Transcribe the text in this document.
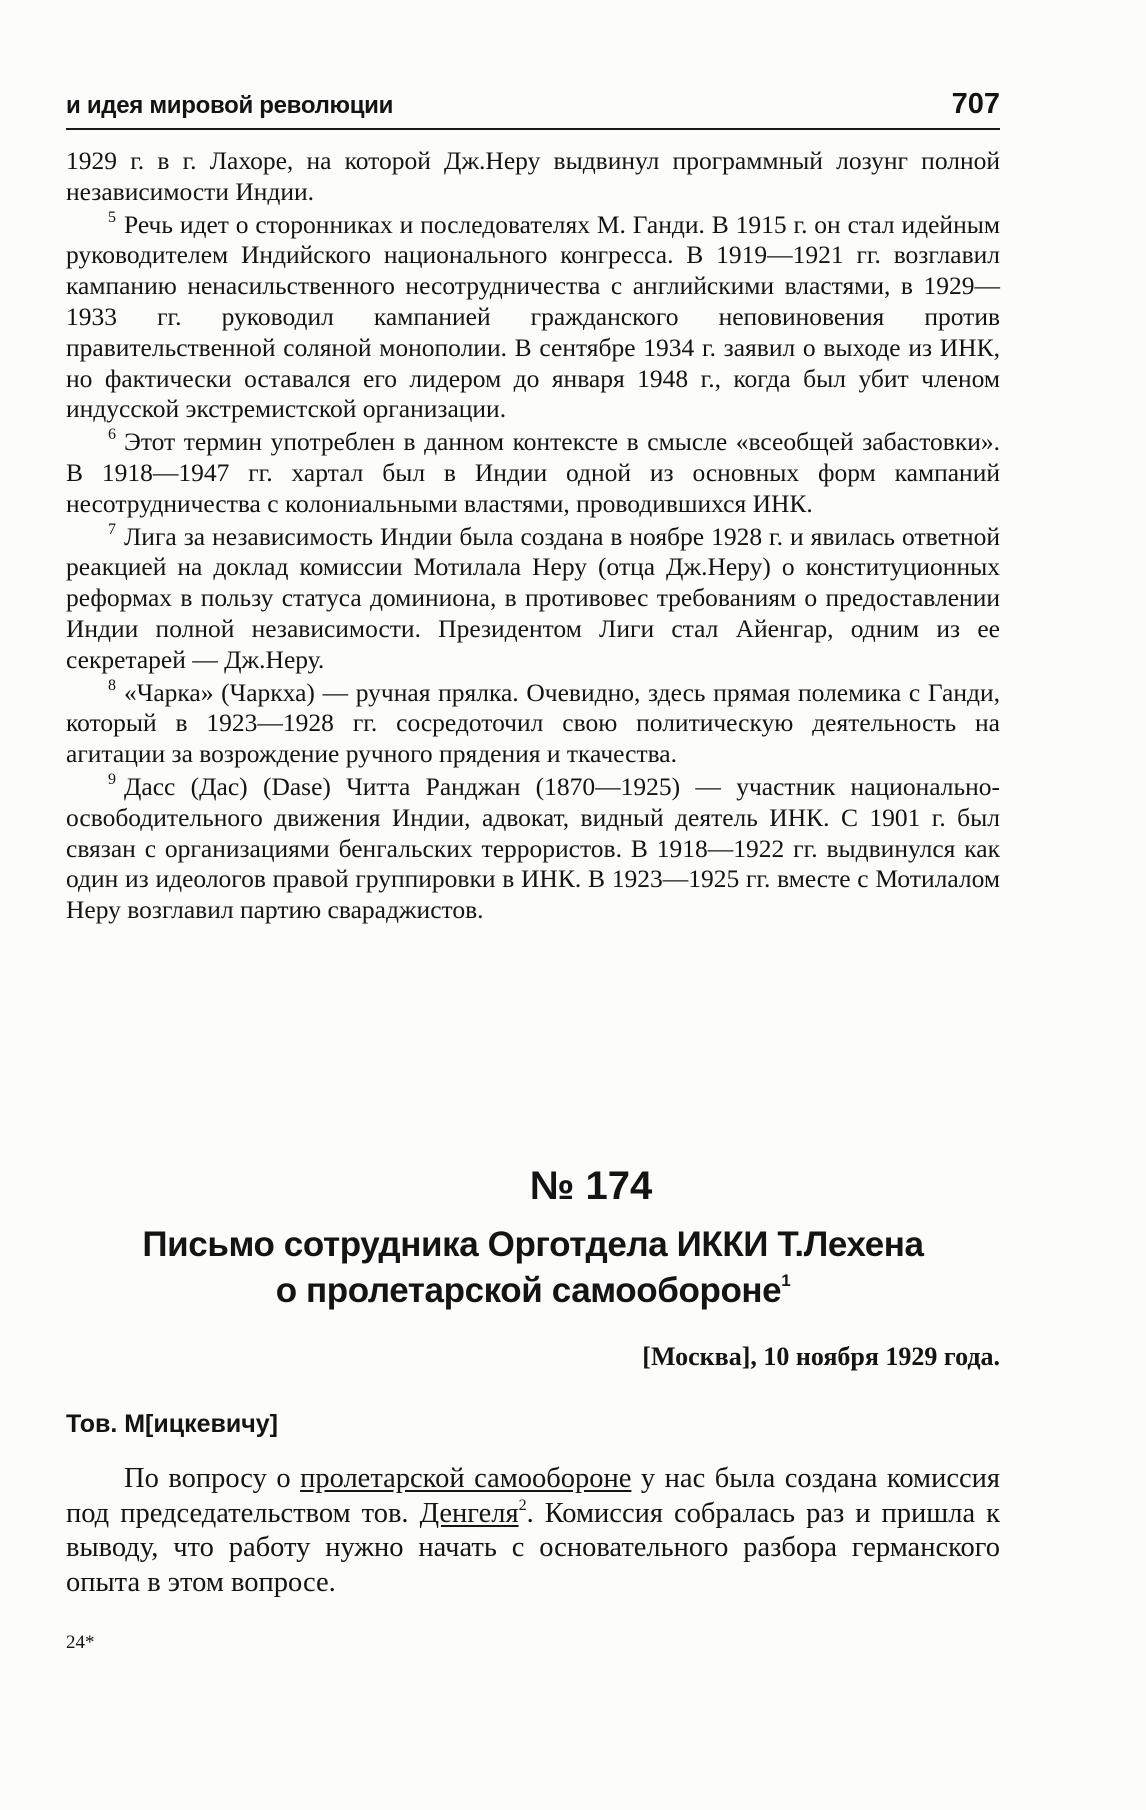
и идея мировой революции	707

1929 г. в г. Лахоре, на которой Дж.Неру выдвинул программный лозунг полной независимости Индии.

5 Речь идет о сторонниках и последователях М. Ганди. В 1915 г. он стал идейным руководителем Индийского национального конгресса. В 1919—1921 гг. возглавил кампанию ненасильственного несотрудничества с английскими властями, в 1929—1933 гг. руководил кампанией гражданского неповиновения против правительственной соляной монополии. В сентябре 1934 г. заявил о выходе из ИНК, но фактически оставался его лидером до января 1948 г., когда был убит членом индусской экстремистской организации.

6 Этот термин употреблен в данном контексте в смысле «всеобщей забастовки». В 1918—1947 гг. хартал был в Индии одной из основных форм кампаний несотрудничества с колониальными властями, проводившихся ИНК.

7 Лига за независимость Индии была создана в ноябре 1928 г. и явилась ответной реакцией на доклад комиссии Мотилала Неру (отца Дж.Неру) о конституционных реформах в пользу статуса доминиона, в противовес требованиям о предоставлении Индии полной независимости. Президентом Лиги стал Айенгар, одним из ее секретарей — Дж.Неру.

8 «Чарка» (Чаркха) — ручная прялка. Очевидно, здесь прямая полемика с Ганди, который в 1923—1928 гг. сосредоточил свою политическую деятельность на агитации за возрождение ручного прядения и ткачества.

9 Дасс (Дас) (Dase) Читта Ранджан (1870—1925) — участник национально-освободительного движения Индии, адвокат, видный деятель ИНК. С 1901 г. был связан с организациями бенгальских террористов. В 1918—1922 гг. выдвинулся как один из идеологов правой группировки в ИНК. В 1923—1925 гг. вместе с Мотилалом Неру возглавил партию свараджистов.

№ 174
Письмо сотрудника Орготдела ИККИ Т.Лехена
о пролетарской самообороне$^1$

[Москва], 10 ноября 1929 года.

Тов. М[ицкевичу]

По вопросу о пролетарской самообороне у нас была создана комиссия под председательством тов. Денгеля$^2$. Комиссия собралась раз и пришла к выводу, что работу нужно начать с основательного разбора германского опыта в этом вопросе.

24*
